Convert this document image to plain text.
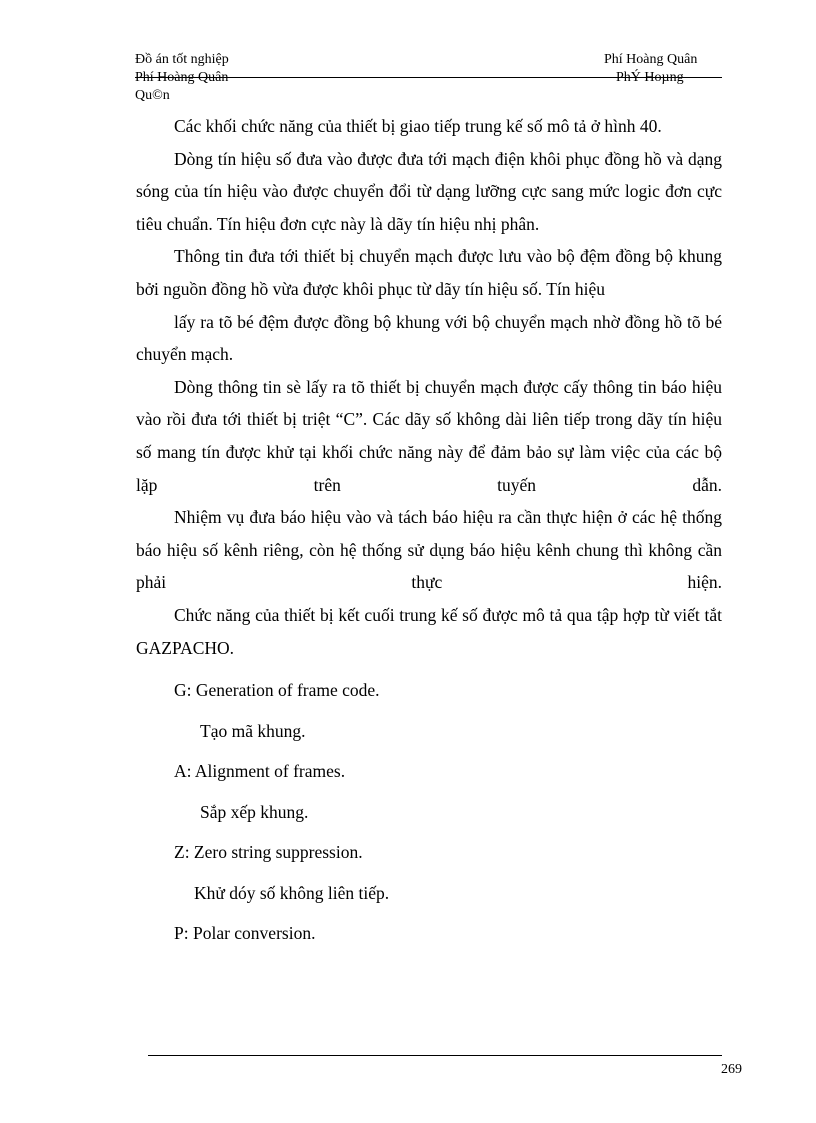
Đồ án tốt nghiệp	Phí Hoàng Quân
Phí Hoàng Quân	PhÝ Hoµng
Qu©n

Các khối chức năng của thiết bị giao tiếp trung kế số mô tả ở hình 40.

Dòng tín hiệu số đưa vào được đưa tới mạch điện khôi phục đồng hồ và dạng sóng của tín hiệu vào được chuyển đổi từ dạng lưỡng cực sang mức logic đơn cực tiêu chuẩn. Tín hiệu đơn cực này là dãy tín hiệu nhị phân.

Thông tin đưa tới thiết bị chuyển mạch được lưu vào bộ đệm đồng bộ khung bởi nguồn đồng hồ vừa được khôi phục từ dãy tín hiệu số. Tín hiệu

lấy ra tõ bé đệm được đồng bộ khung với bộ chuyển mạch nhờ đồng hồ tõ bé chuyển mạch.

Dòng thông tin sè lấy ra tõ thiết bị chuyển mạch được cấy thông tin báo hiệu vào rồi đưa tới thiết bị triệt “C”. Các dãy số không dài liên tiếp trong dãy tín hiệu số mang tín được khử tại khối chức năng này để đảm bảo sự làm việc của các bộ lặp trên tuyến dẫn.

Nhiệm vụ đưa báo hiệu vào và tách báo hiệu ra cần thực hiện ở các hệ thống báo hiệu số kênh riêng, còn hệ thống sử dụng báo hiệu kênh chung thì không cần phải thực hiện.

Chức năng của thiết bị kết cuối trung kế số được mô tả qua tập hợp từ viết tắt GAZPACHO.

G: Generation of frame code.

Tạo mã khung.

A: Alignment of frames.

Sắp xếp khung.

Z: Zero string suppression.

Khử dóy số không liên tiếp.

P: Polar conversion.

269
